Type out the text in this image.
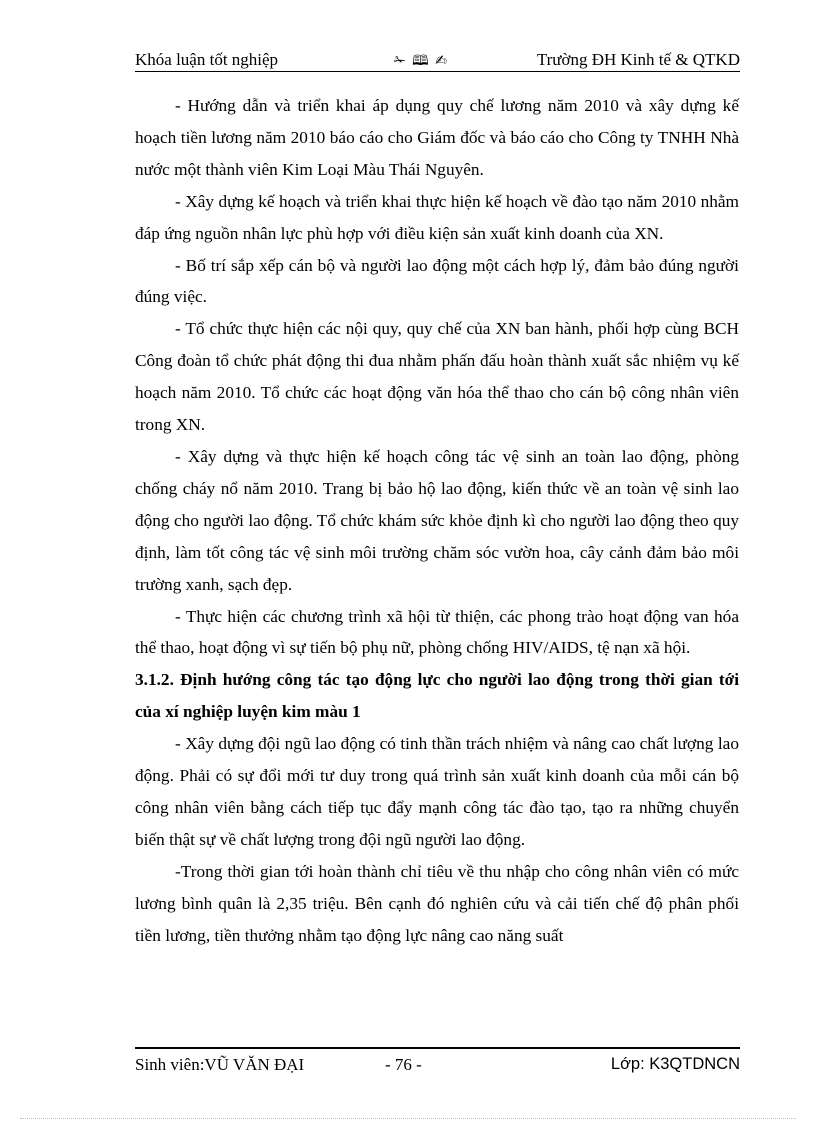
Khóa luận tốt nghiệp	✁ 🕮 ✍	Trường ĐH Kinh tế & QTKD

- Hướng dẫn và triển khai áp dụng quy chế lương năm 2010 và xây dựng kế hoạch tiền lương năm 2010 báo cáo cho Giám đốc và báo cáo cho Công ty TNHH Nhà nước một thành viên Kim Loại Màu Thái Nguyên.

- Xây dựng kế hoạch và triển khai thực hiện kế hoạch về đào tạo năm 2010 nhằm đáp ứng nguồn nhân lực phù hợp với điều kiện sản xuất kinh doanh của XN.

- Bố trí sắp xếp cán bộ và người lao động một cách hợp lý, đảm bảo đúng người đúng việc.

- Tổ chức thực hiện các nội quy, quy chế của XN ban hành, phối hợp cùng BCH Công đoàn tổ chức phát động thi đua nhằm phấn đấu hoàn thành xuất sắc nhiệm vụ kế hoạch năm 2010. Tổ chức các hoạt động văn hóa thể thao cho cán bộ công nhân viên trong XN.

- Xây dựng và thực hiện kế hoạch công tác vệ sinh an toàn lao động, phòng chống cháy nổ năm 2010. Trang bị bảo hộ lao động, kiến thức về an toàn vệ sinh lao động cho người lao động. Tổ chức khám sức khỏe định kì cho người lao động theo quy định, làm tốt công tác vệ sinh môi trường chăm sóc vườn hoa, cây cảnh đảm bảo môi trường xanh, sạch đẹp.

- Thực hiện các chương trình xã hội từ thiện, các phong trào hoạt động van hóa thể thao, hoạt động vì sự tiến bộ phụ nữ, phòng chống HIV/AIDS, tệ nạn xã hội.

3.1.2. Định hướng công tác tạo động lực cho người lao động trong thời gian tới của xí nghiệp luyện kim màu 1

- Xây dựng đội ngũ lao động có tinh thần trách nhiệm và nâng cao chất lượng lao động. Phải có sự đổi mới tư duy trong quá trình sản xuất kinh doanh của mỗi cán bộ công nhân viên bằng cách tiếp tục đẩy mạnh công tác đào tạo, tạo ra những chuyển biến thật sự về chất lượng trong đội ngũ người lao động.

-Trong thời gian tới hoàn thành chỉ tiêu về thu nhập cho công nhân viên có mức lương bình quân là 2,35 triệu. Bên cạnh đó nghiên cứu và cải tiến chế độ phân phối tiền lương, tiền thưởng nhằm tạo động lực nâng cao năng suất

Sinh viên:VŨ VĂN ĐẠI	- 76 -	Lớp: K3QTDNCN
